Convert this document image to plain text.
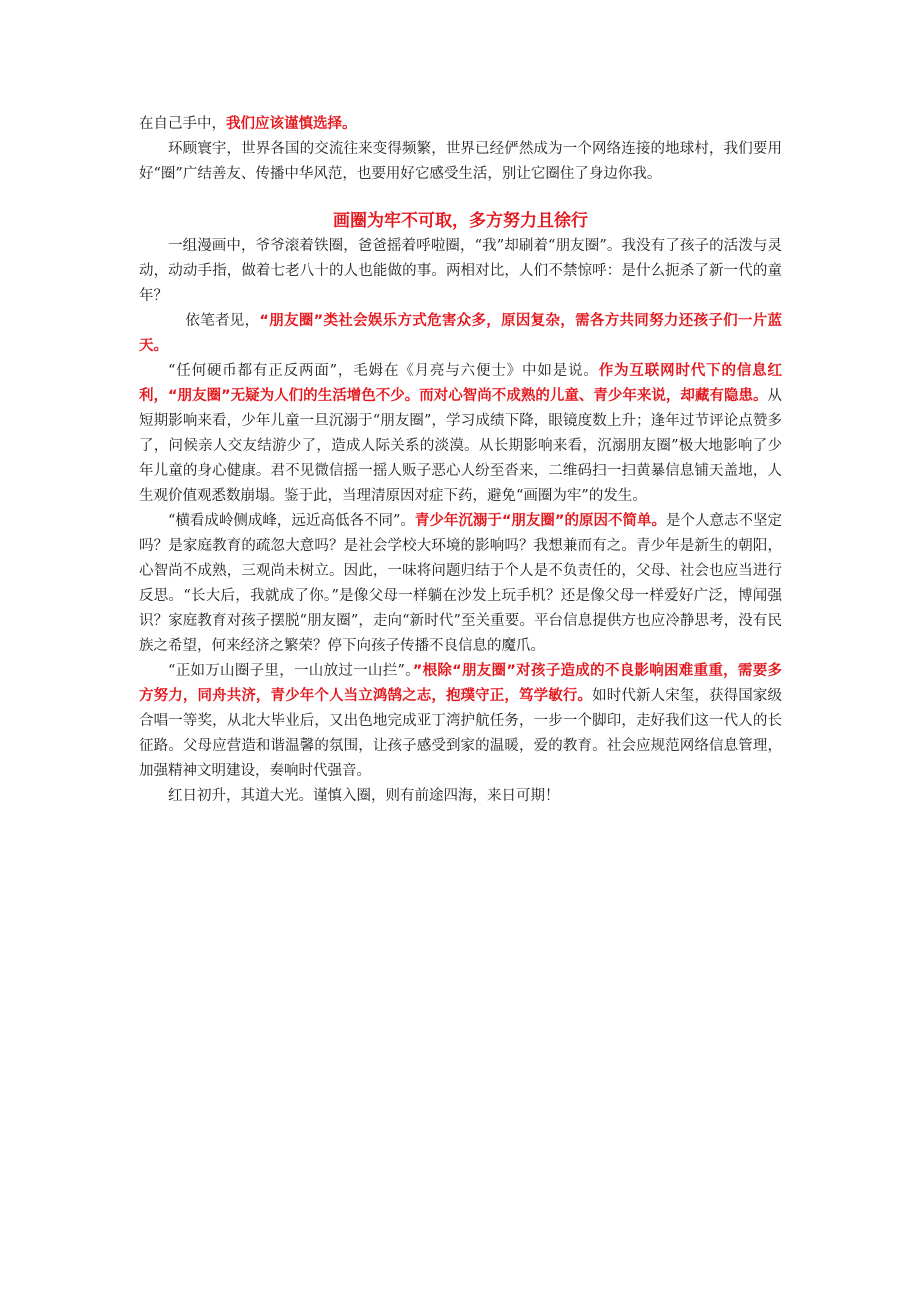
在自己手中，我们应该谨慎选择。

环顾寰宇，世界各国的交流往来变得频繁，世界已经俨然成为一个网络连接的地球村，我们要用好“圈”广结善友、传播中华风范，也要用好它感受生活，别让它圈住了身边你我。

画圈为牢不可取，多方努力且徐行

一组漫画中，爷爷滚着铁圈，爸爸摇着呼啦圈，“我”却刷着“朋友圈”。我没有了孩子的活泼与灵动，动动手指，做着七老八十的人也能做的事。两相对比，人们不禁惊呼：是什么扼杀了新一代的童年？

依笔者见，“朋友圈”类社会娱乐方式危害众多，原因复杂，需各方共同努力还孩子们一片蓝天。

“任何硬币都有正反两面”，毛姆在《月亮与六便士》中如是说。作为互联网时代下的信息红利，“朋友圈”无疑为人们的生活增色不少。而对心智尚不成熟的儿童、青少年来说，却藏有隐患。从短期影响来看，少年儿童一旦沉溺于“朋友圈”，学习成绩下降，眼镜度数上升；逢年过节评论点赞多了，问候亲人交友结游少了，造成人际关系的淡漠。从长期影响来看，沉溺朋友圈”极大地影响了少年儿童的身心健康。君不见微信摇一摇人贩子恶心人纷至沓来，二维码扫一扫黄暴信息铺天盖地，人生观价值观悉数崩塌。鉴于此，当理清原因对症下药，避免“画圈为牢”的发生。

“横看成岭侧成峰，远近高低各不同”。青少年沉溺于“朋友圈”的原因不简单。是个人意志不坚定吗？是家庭教育的疏忽大意吗？是社会学校大环境的影响吗？我想兼而有之。青少年是新生的朝阳，心智尚不成熟，三观尚未树立。因此，一味将问题归结于个人是不负责任的，父母、社会也应当进行反思。“长大后，我就成了你。”是像父母一样躺在沙发上玩手机？还是像父母一样爱好广泛，博闻强识？家庭教育对孩子摆脱“朋友圈”，走向“新时代”至关重要。平台信息提供方也应冷静思考，没有民族之希望，何来经济之繁荣？停下向孩子传播不良信息的魔爪。

“正如万山圈子里，一山放过一山拦”。”根除“朋友圈”对孩子造成的不良影响困难重重，需要多方努力，同舟共济，青少年个人当立鸿鹄之志，抱璞守正，笃学敏行。如时代新人宋玺，获得国家级合唱一等奖，从北大毕业后，又出色地完成亚丁湾护航任务，一步一个脚印，走好我们这一代人的长征路。父母应营造和谐温馨的氛围，让孩子感受到家的温暖，爱的教育。社会应规范网络信息管理，加强精神文明建设，奏响时代强音。

红日初升，其道大光。谨慎入圈，则有前途四海，来日可期！
